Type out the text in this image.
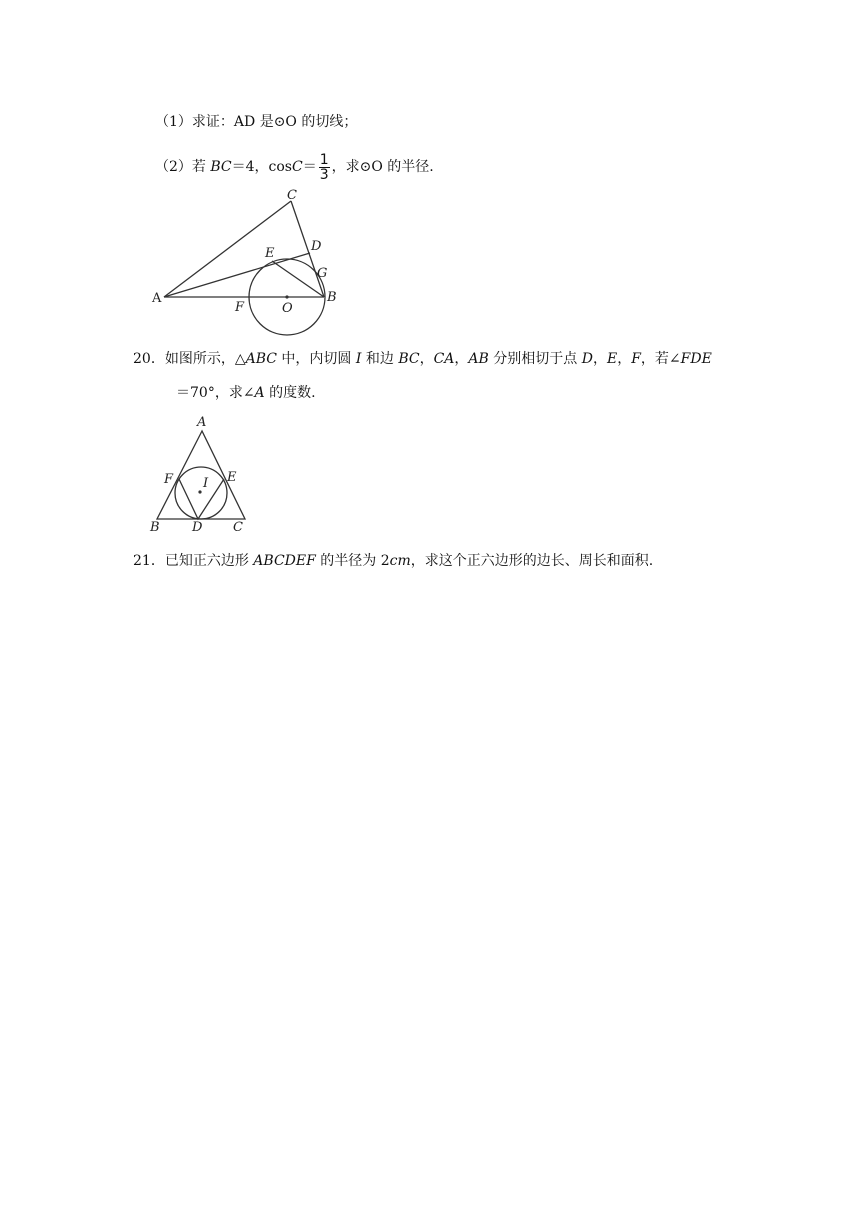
（1）求证：AD 是⊙O 的切线；
（2）若 BC＝4，$\cos C= \frac{1}{3}$ ，求⊙O 的半径.
A	B
C
D
E
F
G
O
20．如图所示，△ABC 中，内切圆 I 和边 BC，CA，AB 分别相切于点 D，E，F，若∠FDE
＝70°，求∠A 的度数.
A
B	C
D
E
F I
21．已知正六边形 ABCDEF 的半径为 2cm，求这个正六边形的边长、周长和面积.
